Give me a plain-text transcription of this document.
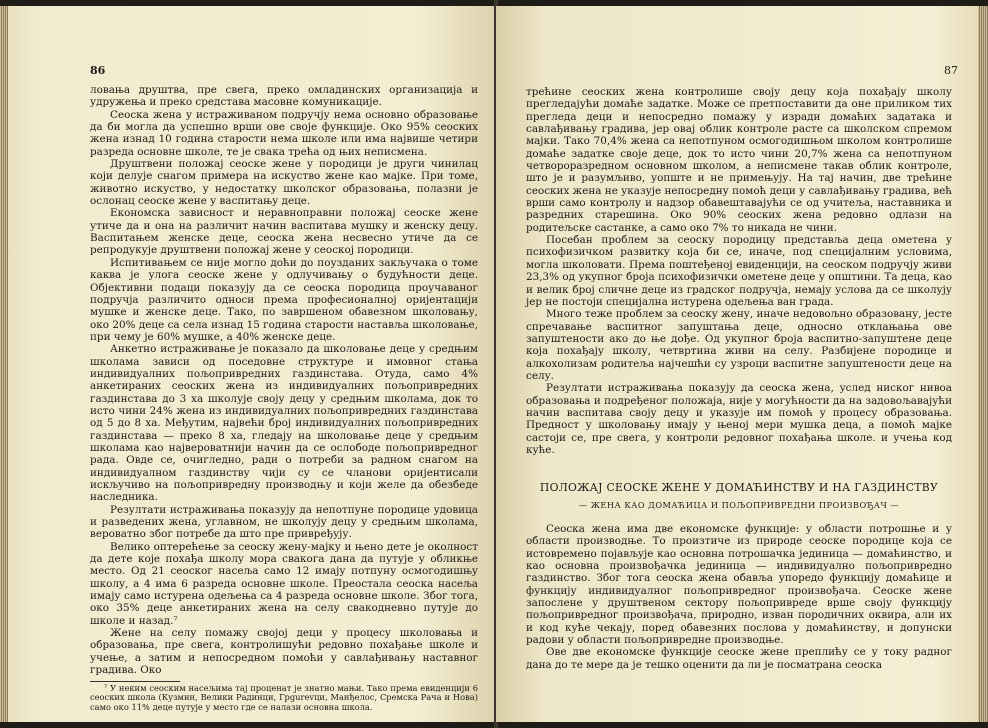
86

ловања друштва, пре свега, преко омладинских организација и удружења и преко средстава масовне комуникације.

Сеоска жена у истраживаном подручју нема основно образовање да би могла да успешно врши ове своје функције. Око 95% сеоских жена изнад 10 година старости нема школе или има највише четири разреда основне школе, те је свака трећа од њих неписмена.

Друштвени положај сеоске жене у породици је други чинилац који делује снагом примера на искуство жене као мајке. При томе, животно искуство, у недостатку школског образовања, полазни је ослонац сеоске жене у васпитању деце.

Економска зависност и неравноправни положај сеоске жене утиче да и она на различит начин васпитава мушку и женску децу. Васпитањем женске деце, сеоска жена несвесно утиче да се репродукује друштвени положај жене у сеоској породици.

Испитивањем се није могло доћи до поузданих закључака о томе каква је улога сеоске жене у одлучивању о будућности деце. Објективни подаци показују да се сеоска породица проучаваног подручја различито односи према професионалној оријентацији мушке и женске деце. Тако, по завршеном обавезном школовању, око 20% деце са села изнад 15 година старости наставља школовање, при чему је 60% мушке, а 40% женске деце.

Анкетно истраживање је показало да школовање деце у средњим школама зависи од поседовне структуре и имовног стања индивидуалних пољопривредних газдинстава. Отуда, само 4% анкетираних сеоских жена из индивидуалних пољопривредних газдинстава до 3 ха школује своју децу у средњим школама, док то исто чини 24% жена из индивидуалних пољопривредних газдинстава од 5 до 8 ха. Међутим, највећи број индивидуалних пољопривредних газдинстава — преко 8 ха, гледају на школовање деце у средњим школама као највероватнији начин да се ослободе пољопривредног рада. Овде се, очигледно, ради о потреби за радном снагом на индивидуалном газдинству чији су се чланови оријентисали искључиво на пољопривредну производњу и који желе да обезбеде наследника.

Резултати истраживања показују да непотпуне породице удовица и разведених жена, углавном, не школују децу у средњим школама, вероватно због потребе да што пре привређују.

Велико оптерећење за сеоску жену-мајку и њено дете је околност да дете које похађа школу мора свакога дана да путује у обликње место. Од 21 сеоског насеља само 12 имају потпуну осмогодишњу школу, а 4 има 6 разреда основне школе. Преостала сеоска насеља имају само истурена одељења са 4 разреда основне школе. Због тога, око 35% деце анкетираних жена на селу свакодневно путује до школе и назад.⁷

Жене на селу помажу својој деци у процесу школовања и образовања, пре свега, контролишући редовно похађање школе и учење, а затим и непосредном помоћи у савлађивању наставног градива. Око

⁷ У неким сеоским насељима тај проценат је знатно мањи. Тако према евиденцији 6 сеоских школа (Кузмин, Велики Радинци, Грgurevци, Манђелос, Сремска Рача и Нова) само око 11% деце путује у место где се налази основна школа.
87

трећине сеоских жена контролише своју децу која похађају школу прегледајући домаће задатке. Може се претпоставити да оне приликом тих прегледа деци и непосредно помажу у изради домаћих задатака и савлађивању градива, јер овај облик контроле расте са школском спремом мајки. Тако 70,4% жена са непотпуном осмогодишњом школом контролише домаће задатке своје деце, док то исто чини 20,7% жена са непотпуном четвороразредном основном школом, а неписмене такав облик контроле, што је и разумљиво, уопште и не примењују. На тај начин, две трећине сеоских жена не указује непосредну помоћ деци у савлађивању градива, већ врши само контролу и надзор обавештавајући се од учитеља, наставника и разредних старешина. Око 90% сеоских жена редовно одлази на родитељске састанке, а само око 7% то никада не чини.

Посебан проблем за сеоску породицу представља деца ометена у психофизичком развитку која би се, иначе, под специјалним условима, могла школовати. Према поштеђеној евиденцији, на сеоском подручју живи 23,3% од укупног броја психофизички ометене деце у општини. Та деца, као и велик број сличне деце из градског подручја, немају услова да се школују јер не постоји специјална истурена одељења ван града.

Много теже проблем за сеоску жену, иначе недовољно образовану, јесте спречавање васпитног запуштања деце, односно отклањања ове запуштености ако до ње дође. Од укупног броја васпитно-запуштене деце која похађају школу, четвртина живи на селу. Разбијене породице и алкохолизам родитеља најчешћи су узроци васпитне запуштености деце на селу.

Резултати истраживања показују да сеоска жена, услед ниског нивоа образовања и подређеног положаја, није у могућности да на задовољавајући начин васпитава своју децу и указује им помоћ у процесу образовања. Предност у школовању имају у њеној мери мушка деца, а помоћ мајке састоји се, пре свега, у контроли редовног похађања школе. и учења код куће.

ПОЛОЖАЈ СЕОСКЕ ЖЕНЕ У ДОМАЋИНСТВУ И НА ГАЗДИНСТВУ
— ЖЕНА КАО ДОМАЋИЦА И ПОЉОПРИВРЕДНИ ПРОИЗВОЂАЧ —

Сеоска жена има две економске функције: у области потрошње и у области производње. То произтиче из природе сеоске породице која се истовремено појављује као основна потрошачка јединица — домаћинство, и као основна произвођачка јединица — индивидуално пољопривредно газдинство. Због тога сеоска жена обавља упоредо функцију домаћице и функцију индивидуалног пољопривредног произвођача. Сеоске жене запослене у друштвеном сектору пољопривреде врше своју функцију пољопривредног произвођача, природно, изван породичних оквира, али их и код куће чекају, поред обавезних послова у домаћинству, и допунски радови у области пољопривредне производње.

Ове две економске функције сеоске жене преплићу се у току радног дана до те мере да је тешко оценити да ли је посматрана сеоска
